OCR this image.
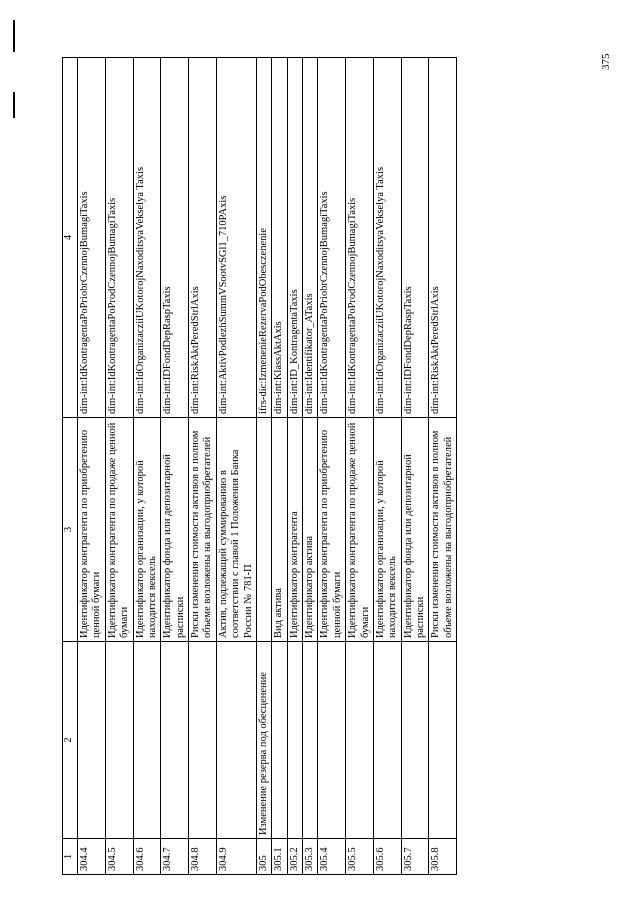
375
1	2	3	4
304.4		Идентификатор контрагента по приобретению ценной бумаги	dim-int:IdKontragentaPoPriobrCzennojBumagiTaxis
304.5		Идентификатор контрагента по продаже ценной бумаги	dim-int:IdKontragentaPoProdCzennojBumagiTaxis
304.6		Идентификатор организации, у которой находится вексель	dim-int:IdOrganizacziiUKotorojNaxoditsyaVekselya Taxis
304.7		Идентификатор фонда или депозитарной расписки	dim-int:IDFondDepRaspTaxis
304.8		Риски изменения стоимости активов в полном объеме возложены на выгодоприобретателей	dim-int:RiskAktPeredStrlAxis
304.9		Актив, подлежащий суммированию в соответствии с главой 1 Положения Банка России № 781-П	dim-int:AktivPodlezhSummVSootvSGl1_710PAxis
305	Изменение резерва под обесценение		ifrs-dic:IzmenenieRezervaPodObesczenenie
305.1		Вид актива	dim-int:KlassAktAxis
305.2		Идентификатор контрагента	dim-int:ID_KontragentaTaxis
305.3		Идентификатор актива	dim-int:Identifikator_ATaxis
305.4		Идентификатор контрагента по приобретению ценной бумаги	dim-int:IdKontragentaPoPriobrCzennojBumagiTaxis
305.5		Идентификатор контрагента по продаже ценной бумаги	dim-int:IdKontragentaPoProdCzennojBumagiTaxis
305.6		Идентификатор организации, у которой находится вексель	dim-int:IdOrganizacziiUKotorojNaxoditsyaVekselya Taxis
305.7		Идентификатор фонда или депозитарной расписки	dim-int:IDFondDepRaspTaxis
305.8		Риски изменения стоимости активов в полном объеме возложены на выгодоприобретателей	dim-int:RiskAktPeredStrlAxis
